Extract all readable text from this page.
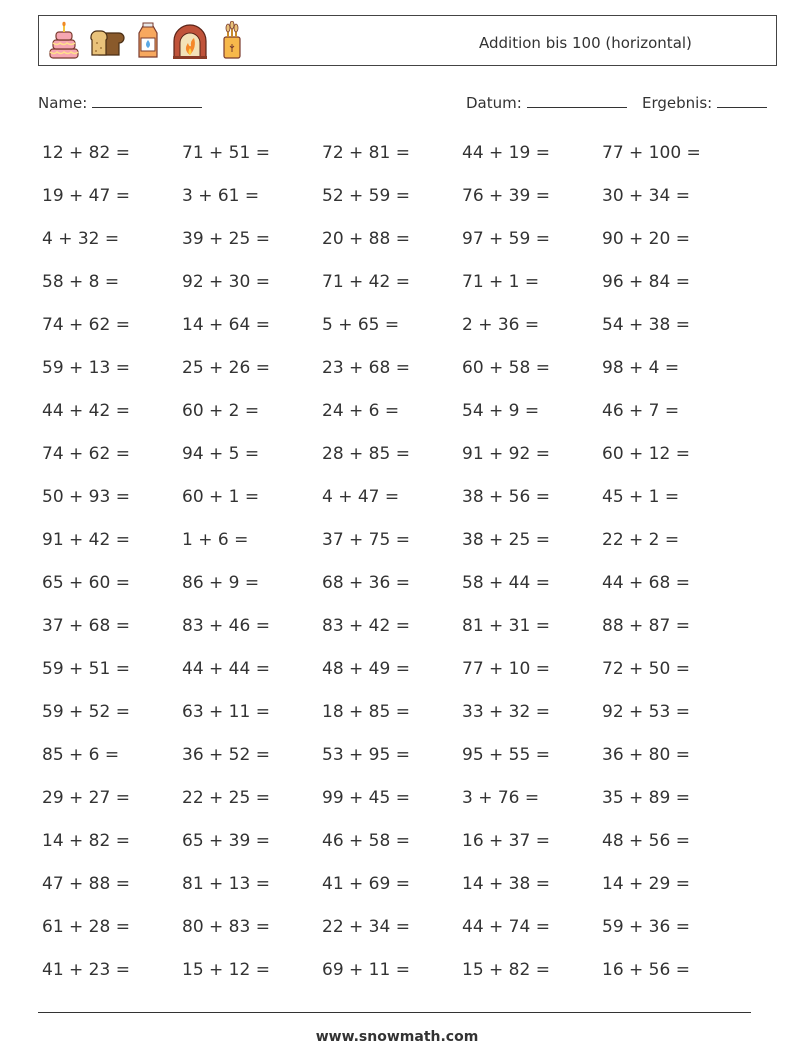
Addition bis 100 (horizontal)
Name:	Datum:	Ergebnis:
12 + 82 =	71 + 51 =	72 + 81 =	44 + 19 =	77 + 100 =
19 + 47 =	3 + 61 =	52 + 59 =	76 + 39 =	30 + 34 =
4 + 32 =	39 + 25 =	20 + 88 =	97 + 59 =	90 + 20 =
58 + 8 =	92 + 30 =	71 + 42 =	71 + 1 =	96 + 84 =
74 + 62 =	14 + 64 =	5 + 65 =	2 + 36 =	54 + 38 =
59 + 13 =	25 + 26 =	23 + 68 =	60 + 58 =	98 + 4 =
44 + 42 =	60 + 2 =	24 + 6 =	54 + 9 =	46 + 7 =
74 + 62 =	94 + 5 =	28 + 85 =	91 + 92 =	60 + 12 =
50 + 93 =	60 + 1 =	4 + 47 =	38 + 56 =	45 + 1 =
91 + 42 =	1 + 6 =	37 + 75 =	38 + 25 =	22 + 2 =
65 + 60 =	86 + 9 =	68 + 36 =	58 + 44 =	44 + 68 =
37 + 68 =	83 + 46 =	83 + 42 =	81 + 31 =	88 + 87 =
59 + 51 =	44 + 44 =	48 + 49 =	77 + 10 =	72 + 50 =
59 + 52 =	63 + 11 =	18 + 85 =	33 + 32 =	92 + 53 =
85 + 6 =	36 + 52 =	53 + 95 =	95 + 55 =	36 + 80 =
29 + 27 =	22 + 25 =	99 + 45 =	3 + 76 =	35 + 89 =
14 + 82 =	65 + 39 =	46 + 58 =	16 + 37 =	48 + 56 =
47 + 88 =	81 + 13 =	41 + 69 =	14 + 38 =	14 + 29 =
61 + 28 =	80 + 83 =	22 + 34 =	44 + 74 =	59 + 36 =
41 + 23 =	15 + 12 =	69 + 11 =	15 + 82 =	16 + 56 =
www.snowmath.com
